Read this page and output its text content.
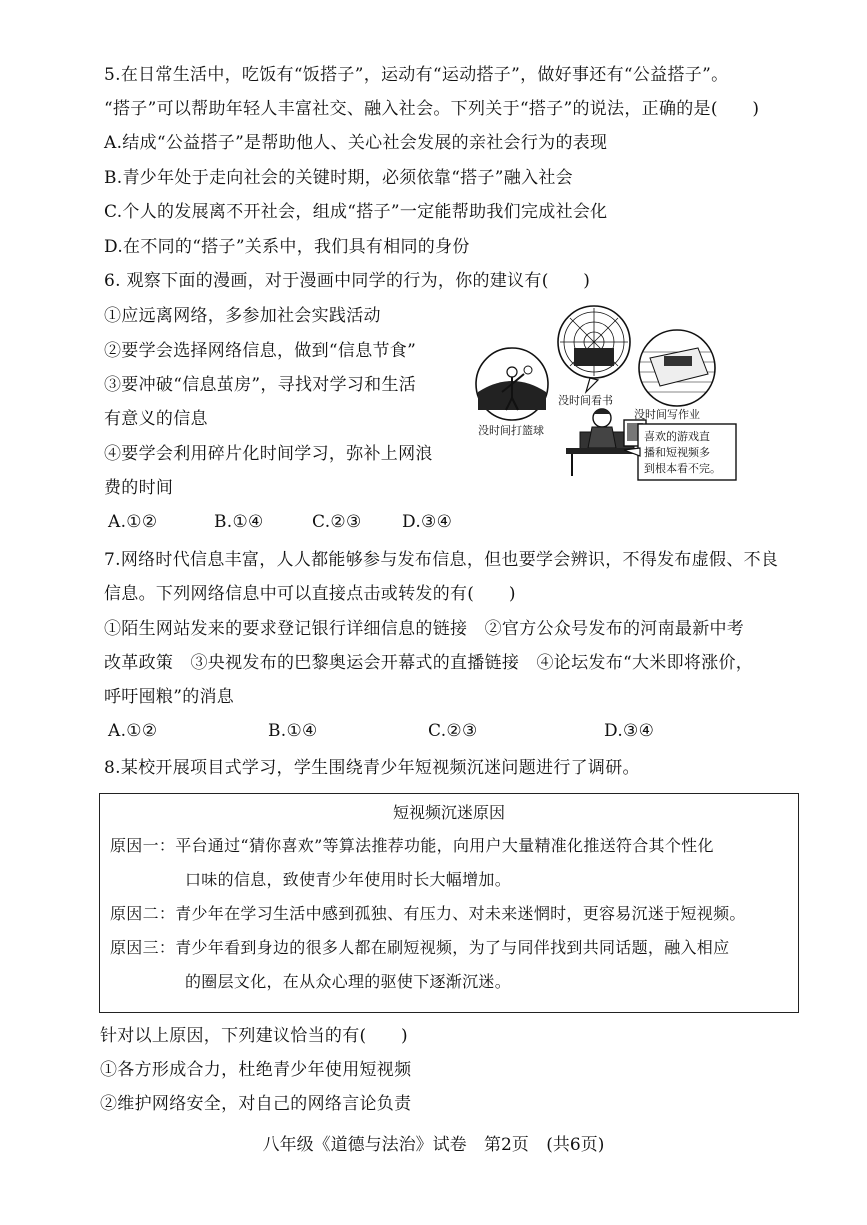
5.在日常生活中，吃饭有“饭搭子”，运动有“运动搭子”，做好事还有“公益搭子”。
“搭子”可以帮助年轻人丰富社交、融入社会。下列关于“搭子”的说法，正确的是(　　)
A.结成“公益搭子”是帮助他人、关心社会发展的亲社会行为的表现
B.青少年处于走向社会的关键时期，必须依靠“搭子”融入社会
C.个人的发展离不开社会，组成“搭子”一定能帮助我们完成社会化
D.在不同的“搭子”关系中，我们具有相同的身份
6. 观察下面的漫画，对于漫画中同学的行为，你的建议有(　　)
①应远离网络，多参加社会实践活动
②要学会选择网络信息，做到“信息节食”
③要冲破“信息茧房”，寻找对学习和生活
有意义的信息
④要学会利用碎片化时间学习，弥补上网浪
费的时间
A.①②	B.①④	C.②③ D.③④
没时间看书
没时间写作业
没时间打篮球	喜欢的游戏直
播和短视频多
到根本看不完。
7.网络时代信息丰富，人人都能够参与发布信息，但也要学会辨识，不得发布虚假、不良
信息。下列网络信息中可以直接点击或转发的有(　　)
①陌生网站发来的要求登记银行详细信息的链接　②官方公众号发布的河南最新中考
改革政策　③央视发布的巴黎奥运会开幕式的直播链接　④论坛发布“大米即将涨价，
呼吁囤粮”的消息
A.①②	B.①④	C.②③	D.③④
8.某校开展项目式学习，学生围绕青少年短视频沉迷问题进行了调研。
短视频沉迷原因
原因一：平台通过“猜你喜欢”等算法推荐功能，向用户大量精准化推送符合其个性化
口味的信息，致使青少年使用时长大幅增加。
原因二：青少年在学习生活中感到孤独、有压力、对未来迷惘时，更容易沉迷于短视频。
原因三：青少年看到身边的很多人都在刷短视频，为了与同伴找到共同话题，融入相应
的圈层文化，在从众心理的驱使下逐渐沉迷。
针对以上原因，下列建议恰当的有(　　)
①各方形成合力，杜绝青少年使用短视频
②维护网络安全，对自己的网络言论负责
八年级《道德与法治》试卷 第2页 (共6页)
